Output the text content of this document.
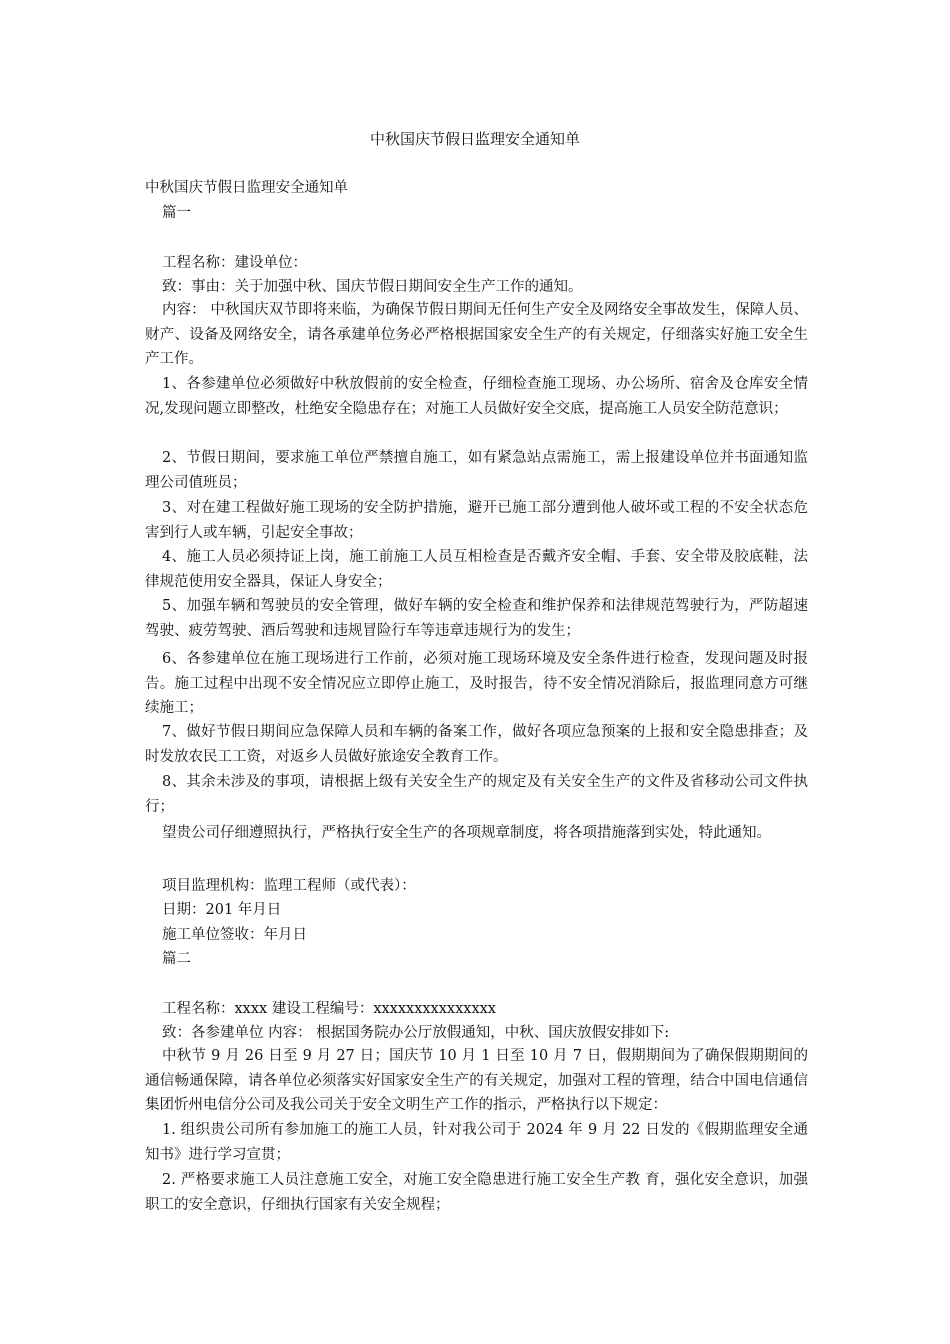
中秋国庆节假日监理安全通知单
中秋国庆节假日监理安全通知单
篇一
工程名称：建设单位：
致：事由：关于加强中秋、国庆节假日期间安全生产工作的通知。

内容： 中秋国庆双节即将来临，为确保节假日期间无任何生产安全及网络安全事故发生，保障人员、财产、设备及网络安全，请各承建单位务必严格根据国家安全生产的有关规定，仔细落实好施工安全生产工作。

1、各参建单位必须做好中秋放假前的安全检查，仔细检查施工现场、办公场所、宿舍及仓库安全情况,发现问题立即整改，杜绝安全隐患存在；对施工人员做好安全交底，提高施工人员安全防范意识；

2、节假日期间，要求施工单位严禁擅自施工，如有紧急站点需施工，需上报建设单位并书面通知监理公司值班员；

3、对在建工程做好施工现场的安全防护措施，避开已施工部分遭到他人破坏或工程的不安全状态危害到行人或车辆，引起安全事故；

4、施工人员必须持证上岗，施工前施工人员互相检查是否戴齐安全帽、手套、安全带及胶底鞋，法律规范使用安全器具，保证人身安全；

5、加强车辆和驾驶员的安全管理，做好车辆的安全检查和维护保养和法律规范驾驶行为，严防超速驾驶、疲劳驾驶、酒后驾驶和违规冒险行车等违章违规行为的发生；

6、各参建单位在施工现场进行工作前，必须对施工现场环境及安全条件进行检查，发现问题及时报告。施工过程中出现不安全情况应立即停止施工，及时报告，待不安全情况消除后，报监理同意方可继续施工；

7、做好节假日期间应急保障人员和车辆的备案工作，做好各项应急预案的上报和安全隐患排查；及时发放农民工工资，对返乡人员做好旅途安全教育工作。

8、其余未涉及的事项，请根据上级有关安全生产的规定及有关安全生产的文件及省移动公司文件执行；

望贵公司仔细遵照执行，严格执行安全生产的各项规章制度，将各项措施落到实处，特此通知。

项目监理机构：监理工程师（或代表）：
日期：201 年月日
施工单位签收：年月日
篇二
工程名称：xxxx 建设工程编号：xxxxxxxxxxxxxxx
致：各参建单位 内容： 根据国务院办公厅放假通知，中秋、国庆放假安排如下:

中秋节 9 月 26 日至 9 月 27 日；国庆节 10 月 1 日至 10 月 7 日，假期期间为了确保假期期间的通信畅通保障，请各单位必须落实好国家安全生产的有关规定，加强对工程的管理，结合中国电信通信集团忻州电信分公司及我公司关于安全文明生产工作的指示，严格执行以下规定：

1. 组织贵公司所有参加施工的施工人员，针对我公司于 2024 年 9 月 22 日发的《假期监理安全通知书》进行学习宣贯；

2. 严格要求施工人员注意施工安全，对施工安全隐患进行施工安全生产教 育，强化安全意识，加强职工的安全意识，仔细执行国家有关安全规程；
